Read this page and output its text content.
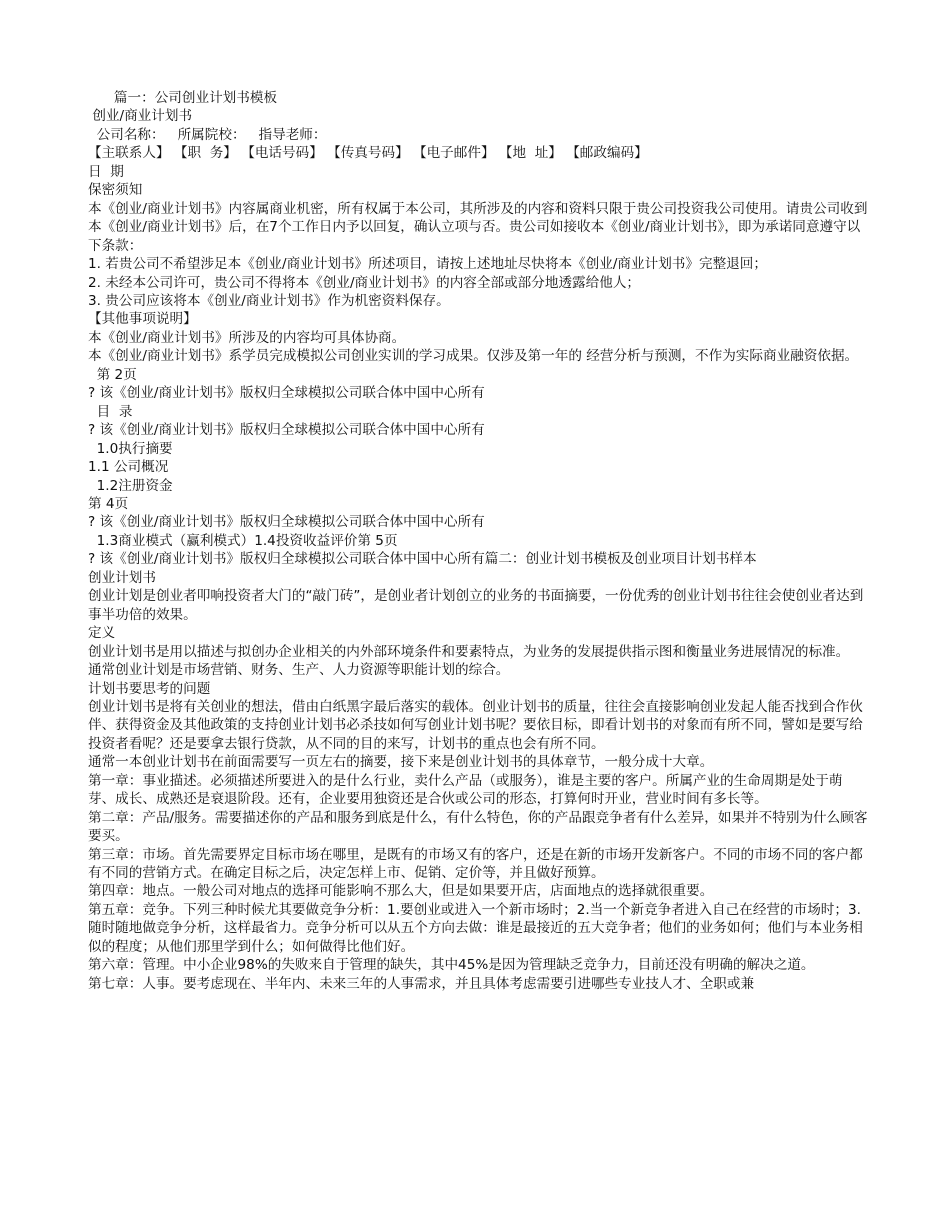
篇一：公司创业计划书模板
创业/商业计划书
公司名称：   所属院校：   指导老师：
【主联系人】 【职  务】 【电话号码】 【传真号码】 【电子邮件】 【地  址】 【邮政编码】
日  期
保密须知
本《创业/商业计划书》内容属商业机密，所有权属于本公司，其所涉及的内容和资料只限于贵公司投资我公司使用。请贵公司收到本《创业/商业计划书》后，在7个工作日内予以回复，确认立项与否。贵公司如接收本《创业/商业计划书》，即为承诺同意遵守以下条款：
1. 若贵公司不希望涉足本《创业/商业计划书》所述项目，请按上述地址尽快将本《创业/商业计划书》完整退回；
2. 未经本公司许可，贵公司不得将本《创业/商业计划书》的内容全部或部分地透露给他人；
3. 贵公司应该将本《创业/商业计划书》作为机密资料保存。
【其他事项说明】
本《创业/商业计划书》所涉及的内容均可具体协商。
本《创业/商业计划书》系学员完成模拟公司创业实训的学习成果。仅涉及第一年的 经营分析与预测，不作为实际商业融资依据。
第 2页
? 该《创业/商业计划书》版权归全球模拟公司联合体中国中心所有
目  录
? 该《创业/商业计划书》版权归全球模拟公司联合体中国中心所有
1.0执行摘要
1.1 公司概况
1.2注册资金
第 4页
? 该《创业/商业计划书》版权归全球模拟公司联合体中国中心所有
1.3商业模式（赢利模式）1.4投资收益评价第 5页
? 该《创业/商业计划书》版权归全球模拟公司联合体中国中心所有篇二：创业计划书模板及创业项目计划书样本
创业计划书
创业计划是创业者叩响投资者大门的“敲门砖”，是创业者计划创立的业务的书面摘要，一份优秀的创业计划书往往会使创业者达到事半功倍的效果。
定义
创业计划书是用以描述与拟创办企业相关的内外部环境条件和要素特点，为业务的发展提供指示图和衡量业务进展情况的标准。
通常创业计划是市场营销、财务、生产、人力资源等职能计划的综合。
计划书要思考的问题
创业计划书是将有关创业的想法，借由白纸黑字最后落实的载体。创业计划书的质量，往往会直接影响创业发起人能否找到合作伙伴、获得资金及其他政策的支持创业计划书必杀技如何写创业计划书呢？要依目标，即看计划书的对象而有所不同，譬如是要写给投资者看呢？还是要拿去银行贷款，从不同的目的来写，计划书的重点也会有所不同。
通常一本创业计划书在前面需要写一页左右的摘要，接下来是创业计划书的具体章节，一般分成十大章。
第一章：事业描述。必须描述所要进入的是什么行业，卖什么产品（或服务），谁是主要的客户。所属产业的生命周期是处于萌芽、成长、成熟还是衰退阶段。还有，企业要用独资还是合伙或公司的形态，打算何时开业，营业时间有多长等。
第二章：产品/服务。需要描述你的产品和服务到底是什么，有什么特色，你的产品跟竞争者有什么差异，如果并不特别为什么顾客要买。
第三章：市场。首先需要界定目标市场在哪里，是既有的市场又有的客户，还是在新的市场开发新客户。不同的市场不同的客户都有不同的营销方式。在确定目标之后，决定怎样上市、促销、定价等，并且做好预算。
第四章：地点。一般公司对地点的选择可能影响不那么大，但是如果要开店，店面地点的选择就很重要。
第五章：竞争。下列三种时候尤其要做竞争分析：1.要创业或进入一个新市场时；2.当一个新竞争者进入自己在经营的市场时；3.随时随地做竞争分析，这样最省力。竞争分析可以从五个方向去做：谁是最接近的五大竞争者；他们的业务如何；他们与本业务相似的程度；从他们那里学到什么；如何做得比他们好。
第六章：管理。中小企业98%的失败来自于管理的缺失，其中45%是因为管理缺乏竞争力，目前还没有明确的解决之道。
第七章：人事。要考虑现在、半年内、未来三年的人事需求，并且具体考虑需要引进哪些专业技人才、全职或兼
